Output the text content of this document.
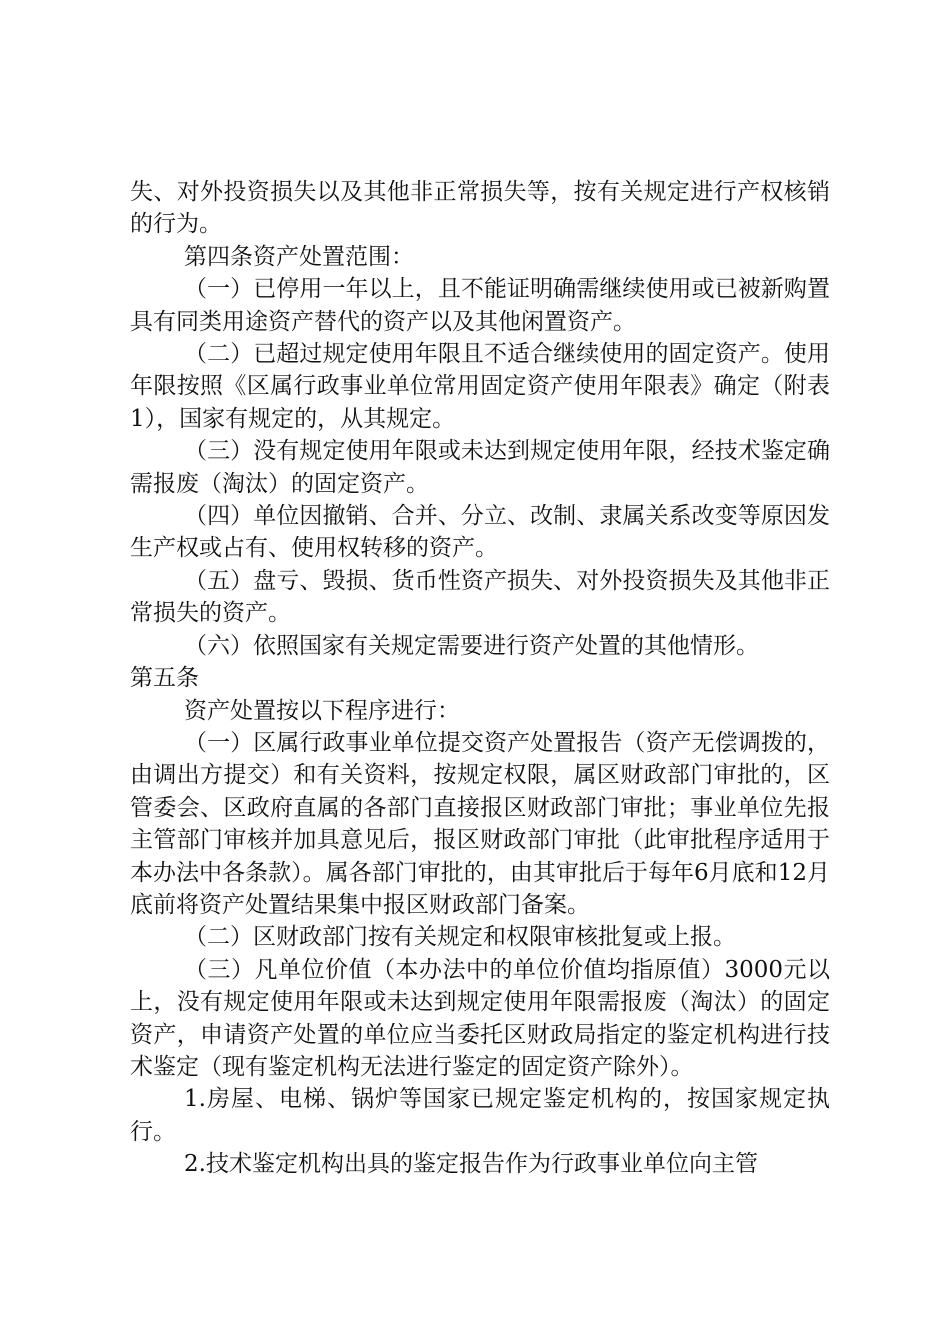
失、对外投资损失以及其他非正常损失等，按有关规定进行产权核销的行为。

第四条资产处置范围：

（一）已停用一年以上，且不能证明确需继续使用或已被新购置具有同类用途资产替代的资产以及其他闲置资产。

（二）已超过规定使用年限且不适合继续使用的固定资产。使用年限按照《区属行政事业单位常用固定资产使用年限表》确定（附表1），国家有规定的，从其规定。

（三）没有规定使用年限或未达到规定使用年限，经技术鉴定确需报废（淘汰）的固定资产。

（四）单位因撤销、合并、分立、改制、隶属关系改变等原因发生产权或占有、使用权转移的资产。

（五）盘亏、毁损、货币性资产损失、对外投资损失及其他非正常损失的资产。

（六）依照国家有关规定需要进行资产处置的其他情形。

第五条

资产处置按以下程序进行：

（一）区属行政事业单位提交资产处置报告（资产无偿调拨的，由调出方提交）和有关资料，按规定权限，属区财政部门审批的，区管委会、区政府直属的各部门直接报区财政部门审批；事业单位先报主管部门审核并加具意见后，报区财政部门审批（此审批程序适用于本办法中各条款）。属各部门审批的，由其审批后于每年6月底和12月底前将资产处置结果集中报区财政部门备案。

（二）区财政部门按有关规定和权限审核批复或上报。

（三）凡单位价值（本办法中的单位价值均指原值）3000元以上，没有规定使用年限或未达到规定使用年限需报废（淘汰）的固定资产，申请资产处置的单位应当委托区财政局指定的鉴定机构进行技术鉴定（现有鉴定机构无法进行鉴定的固定资产除外）。

1.房屋、电梯、锅炉等国家已规定鉴定机构的，按国家规定执行。

2.技术鉴定机构出具的鉴定报告作为行政事业单位向主管
